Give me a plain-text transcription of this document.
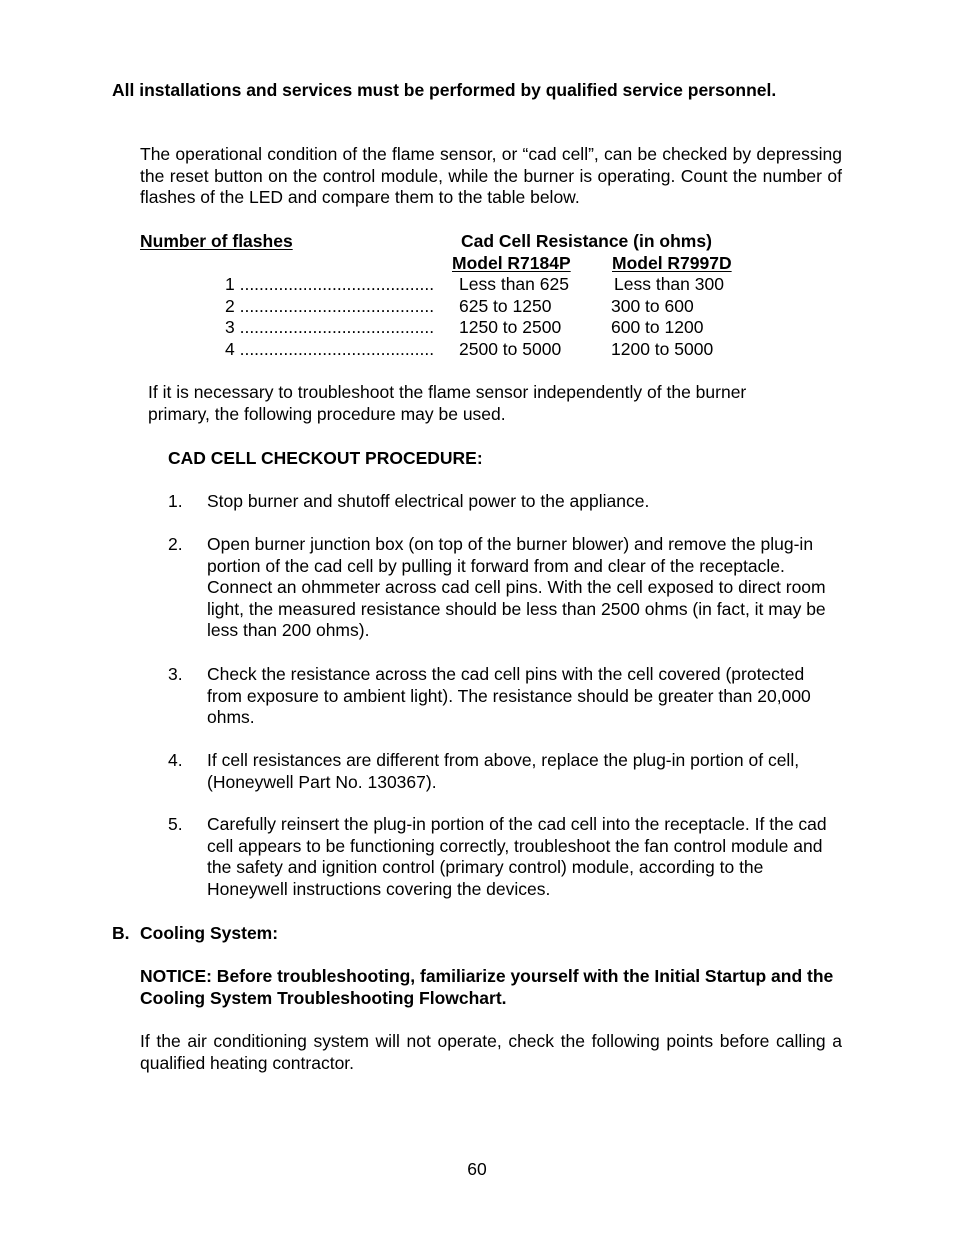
All installations and services must be performed by qualified service personnel.
The operational condition of the flame sensor, or “cad cell”, can be checked by depressing the reset button on the control module, while the burner is operating. Count the number of flashes of the LED and compare them to the table below.
Number of flashes	Cad Cell Resistance (in ohms)
Model R7184P Model R7997D
1 ........................................ Less than 625	Less than 300
2 ........................................ 625 to 1250	300 to 600
3 ........................................ 1250 to 2500	600 to 1200
4 ........................................ 2500 to 5000	1200 to 5000
If it is necessary to troubleshoot the flame sensor independently of the burner
primary, the following procedure may be used.
CAD CELL CHECKOUT PROCEDURE:
1. Stop burner and shutoff electrical power to the appliance.
2. Open burner junction box (on top of the burner blower) and remove the plug-in portion of the cad cell by pulling it forward from and clear of the receptacle. Connect an ohmmeter across cad cell pins. With the cell exposed to direct room light, the measured resistance should be less than 2500 ohms (in fact, it may be less than 200 ohms).
3. Check the resistance across the cad cell pins with the cell covered (protected from exposure to ambient light). The resistance should be greater than 20,000 ohms.
4. If cell resistances are different from above, replace the plug-in portion of cell, (Honeywell Part No. 130367).
5. Carefully reinsert the plug-in portion of the cad cell into the receptacle. If the cad cell appears to be functioning correctly, troubleshoot the fan control module and the safety and ignition control (primary control) module, according to the Honeywell instructions covering the devices.
B. Cooling System:
NOTICE: Before troubleshooting, familiarize yourself with the Initial Startup and the Cooling System Troubleshooting Flowchart.
If the air conditioning system will not operate, check the following points before calling a qualified heating contractor.
60
